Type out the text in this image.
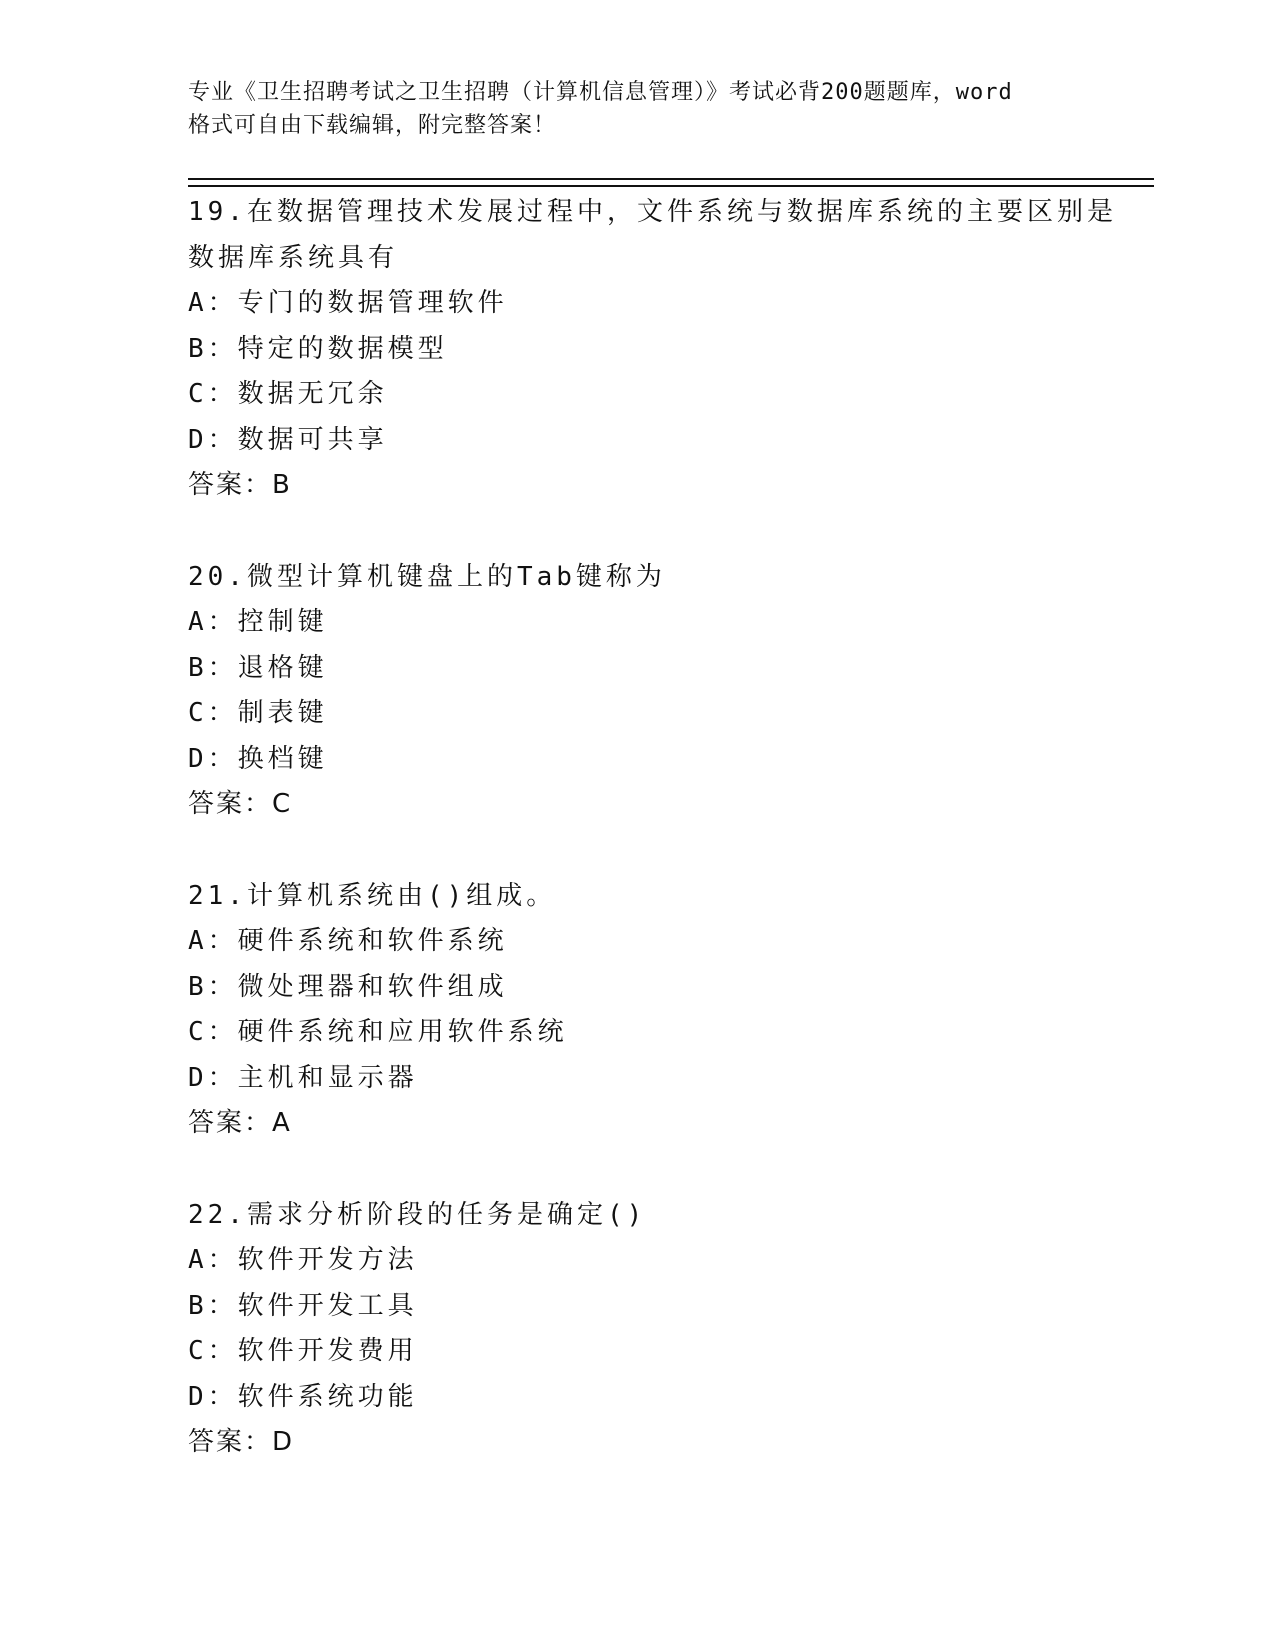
专业《卫生招聘考试之卫生招聘（计算机信息管理）》考试必背200题题库，word
格式可自由下载编辑，附完整答案！
19.在数据管理技术发展过程中，文件系统与数据库系统的主要区别是
数据库系统具有
A：专门的数据管理软件
B：特定的数据模型
C：数据无冗余
D：数据可共享
答案：B
20.微型计算机键盘上的Tab键称为
A：控制键
B：退格键
C：制表键
D：换档键
答案：C
21.计算机系统由()组成。
A：硬件系统和软件系统
B：微处理器和软件组成
C：硬件系统和应用软件系统
D：主机和显示器
答案：A
22.需求分析阶段的任务是确定()
A：软件开发方法
B：软件开发工具
C：软件开发费用
D：软件系统功能
答案：D
